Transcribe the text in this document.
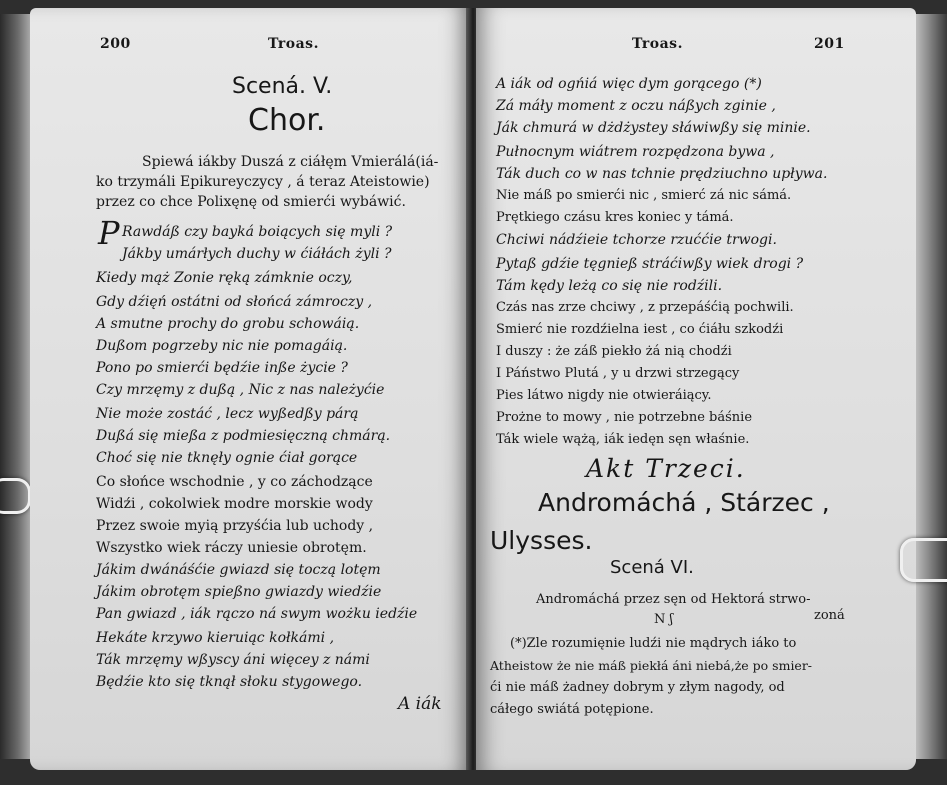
200	Troas.
Scená. V.
Chor.
Spiewá iákby Duszá z ciáłęm Vmierálá(iá-
ko trzymáli Epikureyczycy , á teraz Ateistowie)
przez co chce Polixęnę od smierći wybáwić.
P Rawdáß czy bayká boiących się myli ?
Jákby umárłych duchy w ćiáłách żyli ?
Kiedy mąż Zonie ręką zámknie oczy,
Gdy dźięń ostátni od słońcá zámroczy ,
A smutne prochy do grobu schowáią.
Dußom pogrzeby nic nie pomagáią.
Pono po smierći będźie inße życie ?
Czy mrzęmy z dußą , Nic z nas należyćie
Nie może zostáć , lecz wyßedßy párą
Dußá się mießa z podmiesięczną chmárą.
Choć się nie tknęły ognie ćiał gorące
Co słońce wschodnie , y co záchodzące
Widźi , cokolwiek modre morskie wody
Przez swoie myią przyśćia lub uchody ,
Wszystko wiek ráczy uniesie obrotęm.
Jákim dwánáśćie gwiazd się toczą lotęm
Jákim obrotęm spießno gwiazdy wiedźie
Pan gwiazd , iák rączo ná swym wożku iedźie
Hekáte krzywo kieruiąc kołkámi ,
Ták mrzęmy wßyscy áni więcey z námi
Będźie kto się tknął słoku stygowego.
A iák
Troas.	201
A iák od ogńiá więc dym gorącego (*)
Zá máły moment z oczu náßych zginie ,
Ják chmurá w dżdżystey słáwiwßy się minie.
Pułnocnym wiátrem rozpędzona bywa ,
Ták duch co w nas tchnie prędziuchno upływa.
Nie máß po smierći nic , smierć zá nic sámá.
Prętkiego czásu kres koniec y támá.
Chciwi nádźieie tchorze rzuććie trwogi.
Pytaß gdźie tęgnieß stráćiwßy wiek drogi ?
Tám kędy leżą co się nie rodźili.
Czás nas zrze chciwy , z przepáśćią pochwili.
Smierć nie rozdźielna iest , co ćiáłu szkodźi
I duszy : że záß piekło żá nią chodźi
I Páństwo Plutá , y u drzwi strzegący
Pies látwo nigdy nie otwieráiący.
Prożne to mowy , nie potrzebne báśnie
Ták wiele wążą, iák iedęn sęn właśnie.
Akt Trzeci.
Andromáchá , Stárzec ,
Ulysses.
Scená VI.
Andromáchá przez sęn od Hektorá strwo-
N ʃ	zoná
(*)Zle rozumięnie ludźi nie mądrych iáko to
Atheistow że nie máß piekłá áni niebá,że po smier-
ći nie máß żadney dobrym y złym nagody, od
cáłego swiátá potępione.
